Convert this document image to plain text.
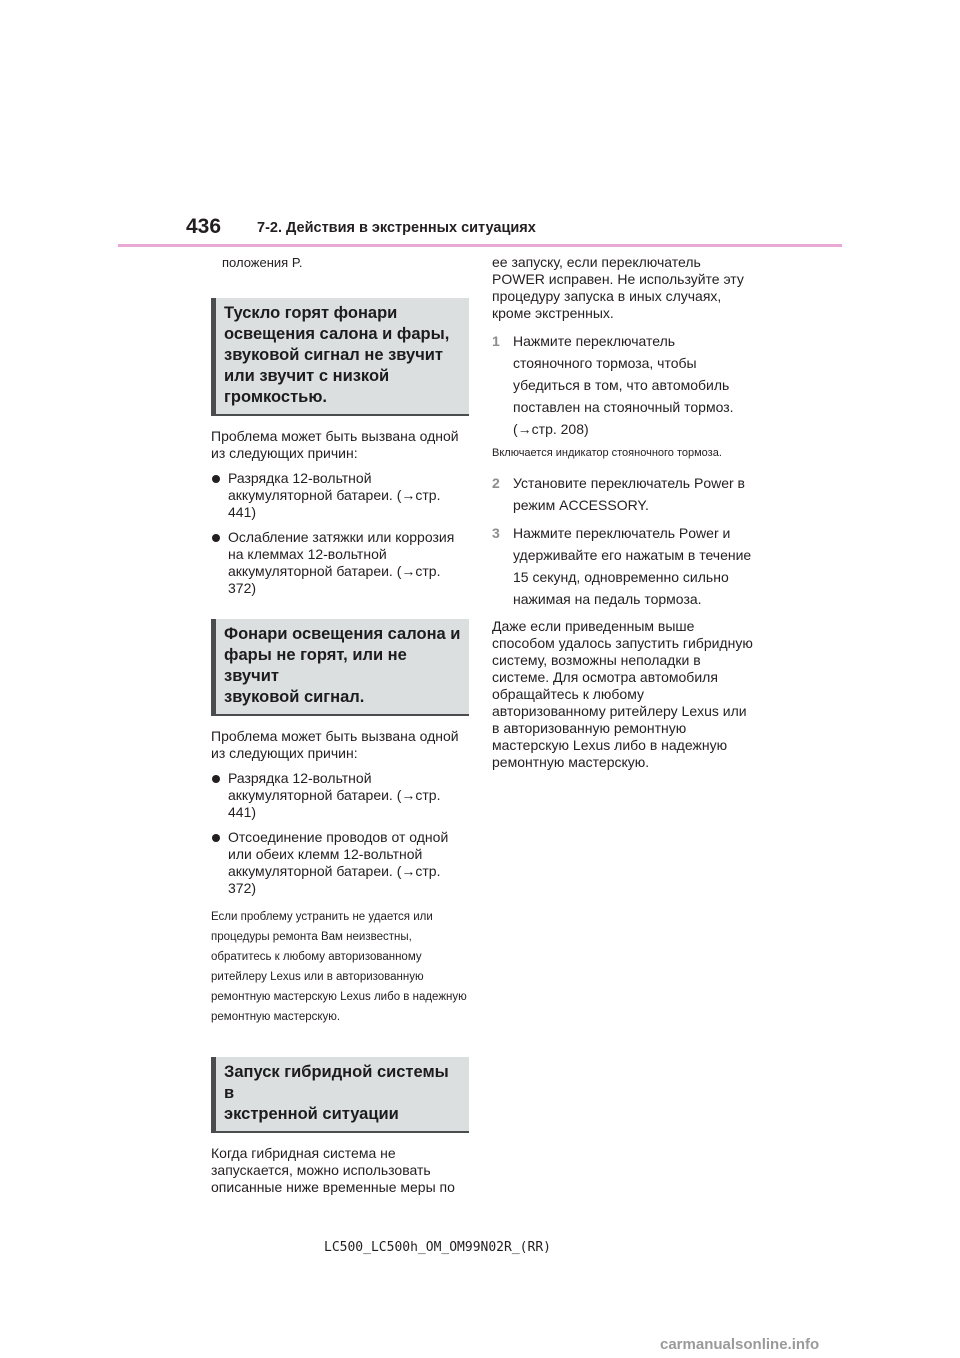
436 7-2. Действия в экстренных ситуациях

положения P.

Тускло горят фонари
освещения салона и фары,
звуковой сигнал не звучит
или звучит с низкой
громкостью.

Проблема может быть вызвана одной из следующих причин:

Разрядка 12-вольтной аккумуляторной батареи. (→стр. 441)
Ослабление затяжки или коррозия на клеммах 12-вольтной аккумуляторной батареи. (→стр. 372)
Фонари освещения салона и
фары не горят, или не звучит
звуковой сигнал.

Проблема может быть вызвана одной из следующих причин:

Разрядка 12-вольтной аккумуляторной батареи. (→стр. 441)
Отсоединение проводов от одной или обеих клемм 12-вольтной аккумуляторной батареи. (→стр. 372)

Если проблему устранить не удается или процедуры ремонта Вам неизвестны, обратитесь к любому авторизованному ритейлеру Lexus или в авторизованную ремонтную мастерскую Lexus либо в надежную ремонтную мастерскую.

Запуск гибридной системы в
экстренной ситуации

Когда гибридная система не запускается, можно использовать описанные ниже временные меры по

ее запуску, если переключатель POWER исправен. Не используйте эту процедуру запуска в иных случаях, кроме экстренных.

1 Нажмите переключатель стояночного тормоза, чтобы убедиться в том, что автомобиль поставлен на стояночный тормоз. (→стр. 208)

Включается индикатор стояночного тормоза.

2 Установите переключатель Power в режим ACCESSORY.
3 Нажмите переключатель Power и удерживайте его нажатым в течение 15 секунд, одновременно сильно нажимая на педаль тормоза.

Даже если приведенным выше способом удалось запустить гибридную систему, возможны неполадки в системе. Для осмотра автомобиля обращайтесь к любому авторизованному ритейлеру Lexus или в авторизованную ремонтную мастерскую Lexus либо в надежную ремонтную мастерскую.

LC500_LC500h_OM_OM99N02R_(RR)
carmanualsonline.info
